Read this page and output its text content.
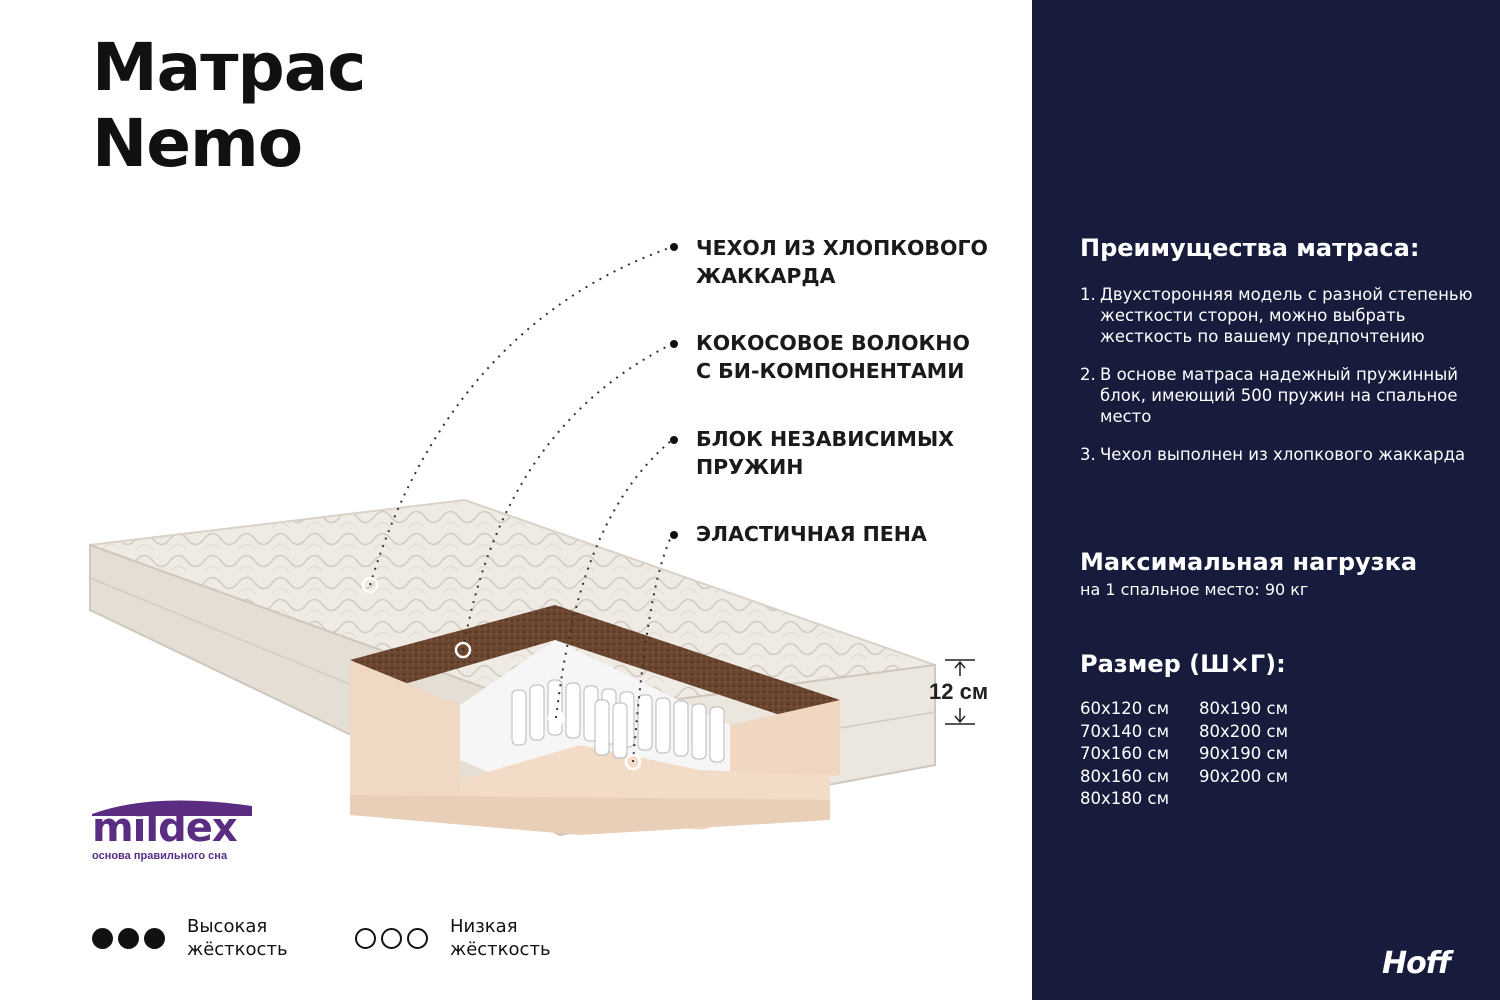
Матрас
Nemo
ЧЕХОЛ ИЗ ХЛОПКОВОГО
ЖАККАРДА
КОКОСОВОЕ ВОЛОКНО
С БИ-КОМПОНЕНТАМИ
БЛОК НЕЗАВИСИМЫХ
ПРУЖИН
ЭЛАСТИЧНАЯ ПЕНА
12 см
mildex
основа правильного сна
Высокая
жёсткость
Низкая
жёсткость
Преимущества матраса:
1. Двухсторонняя модель с разной степенью жесткости сторон, можно выбрать жесткость по вашему предпочтению
2. В основе матраса надежный пружинный блок, имеющий 500 пружин на спальное место
3. Чехол выполнен из хлопкового жаккарда
Максимальная нагрузка
на 1 спальное место: 90 кг
Размер (Ш×Г):
60x120 см
70x140 см
70x160 см
80x160 см
80x180 см
80x190 см
80x200 см
90x190 см
90x200 см
Hoff
